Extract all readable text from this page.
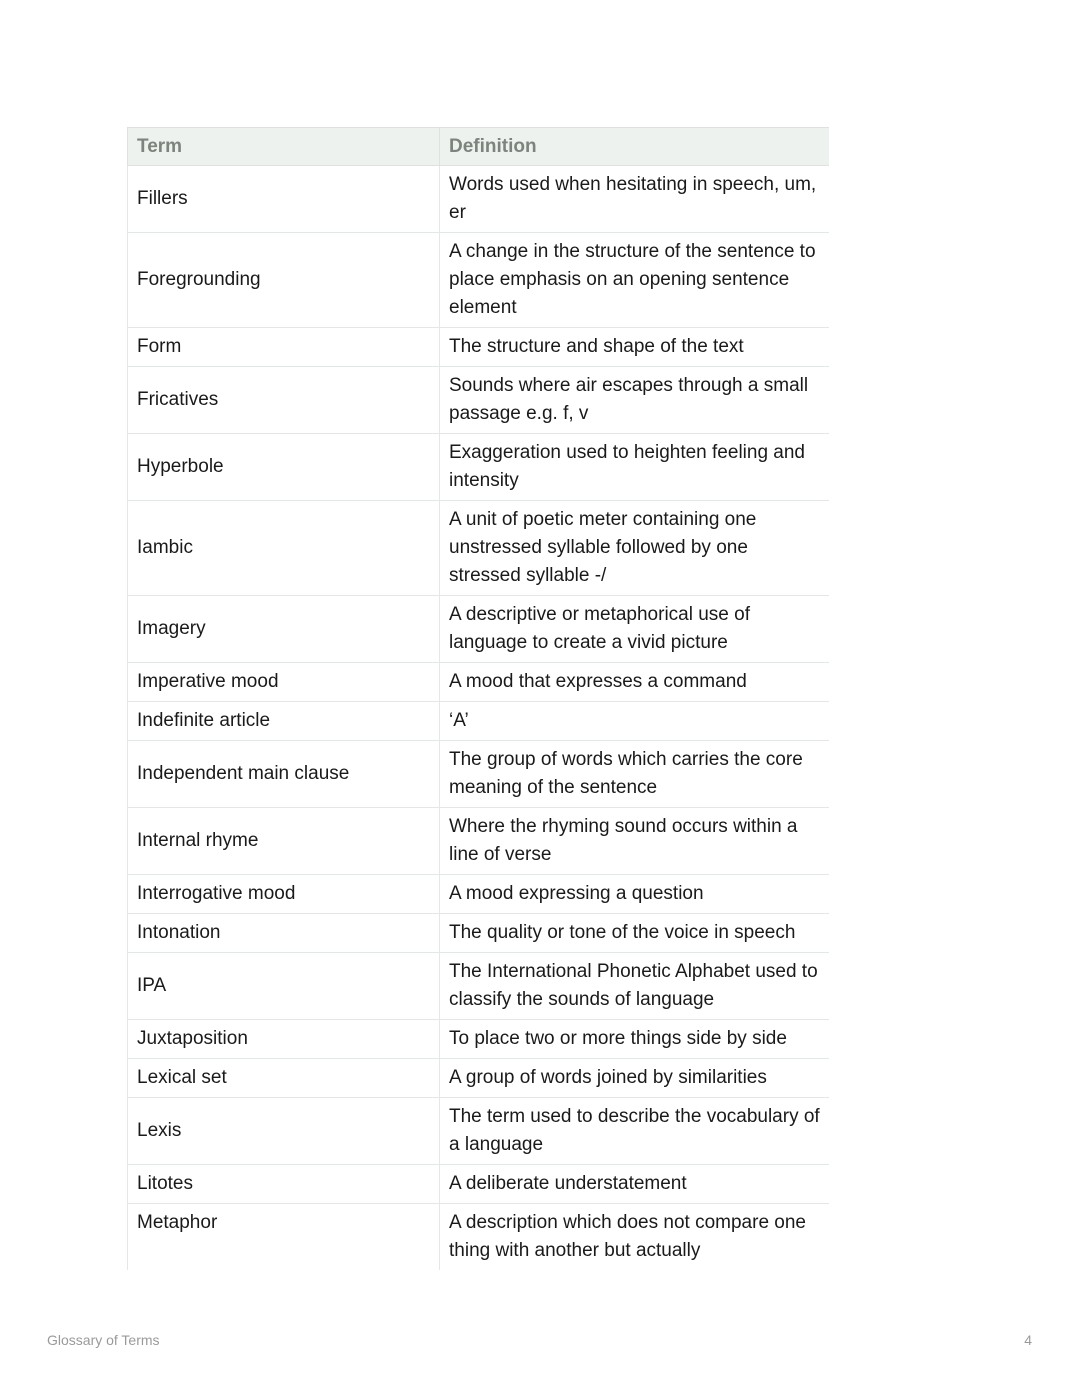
Term	Definition
Fillers	Words used when hesitating in speech, um, er
Foregrounding	A change in the structure of the sentence to place emphasis on an opening sentence element
Form	The structure and shape of the text
Fricatives	Sounds where air escapes through a small passage e.g. f, v
Hyperbole	Exaggeration used to heighten feeling and intensity
Iambic	A unit of poetic meter containing one unstressed syllable followed by one stressed syllable -/
Imagery	A descriptive or metaphorical use of language to create a vivid picture
Imperative mood	A mood that expresses a command
Indefinite article	‘A’
Independent main clause	The group of words which carries the core meaning of the sentence
Internal rhyme	Where the rhyming sound occurs within a line of verse
Interrogative mood	A mood expressing a question
Intonation	The quality or tone of the voice in speech
IPA	The International Phonetic Alphabet used to classify the sounds of language
Juxtaposition	To place two or more things side by side
Lexical set	A group of words joined by similarities
Lexis	The term used to describe the vocabulary of a language
Litotes	A deliberate understatement
Metaphor	A description which does not compare one thing with another but actually
Glossary of Terms	4
